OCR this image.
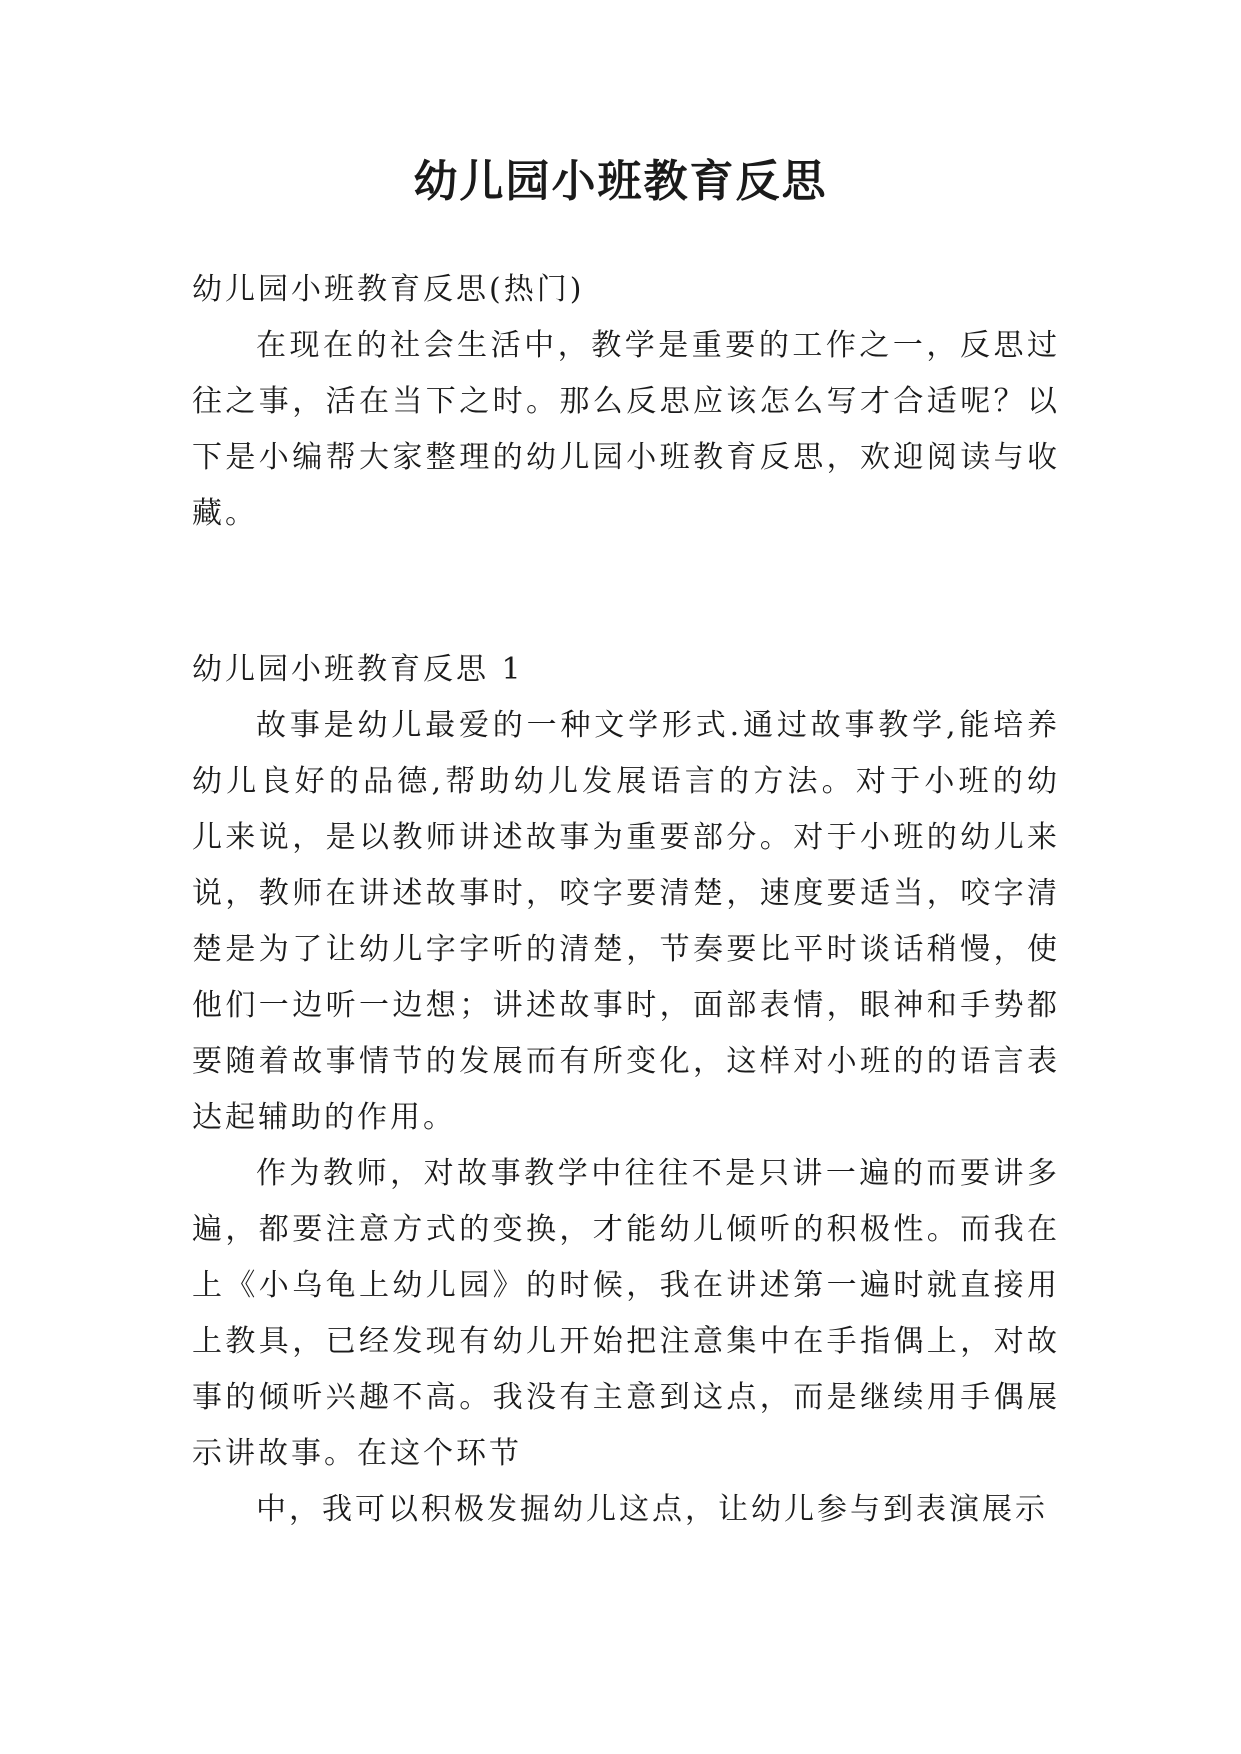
幼儿园小班教育反思

幼儿园小班教育反思(热门)

在现在的社会生活中，教学是重要的工作之一，反思过往之事，活在当下之时。那么反思应该怎么写才合适呢？以下是小编帮大家整理的幼儿园小班教育反思，欢迎阅读与收藏。

幼儿园小班教育反思 1

故事是幼儿最爱的一种文学形式.通过故事教学,能培养幼儿良好的品德,帮助幼儿发展语言的方法。对于小班的幼儿来说，是以教师讲述故事为重要部分。对于小班的幼儿来说，教师在讲述故事时，咬字要清楚，速度要适当，咬字清楚是为了让幼儿字字听的清楚，节奏要比平时谈话稍慢，使他们一边听一边想；讲述故事时，面部表情，眼神和手势都要随着故事情节的发展而有所变化，这样对小班的的语言表达起辅助的作用。

作为教师，对故事教学中往往不是只讲一遍的而要讲多遍，都要注意方式的变换，才能幼儿倾听的积极性。而我在上《小乌龟上幼儿园》的时候，我在讲述第一遍时就直接用上教具，已经发现有幼儿开始把注意集中在手指偶上，对故事的倾听兴趣不高。我没有主意到这点，而是继续用手偶展示讲故事。在这个环节

中，我可以积极发掘幼儿这点，让幼儿参与到表演展示
